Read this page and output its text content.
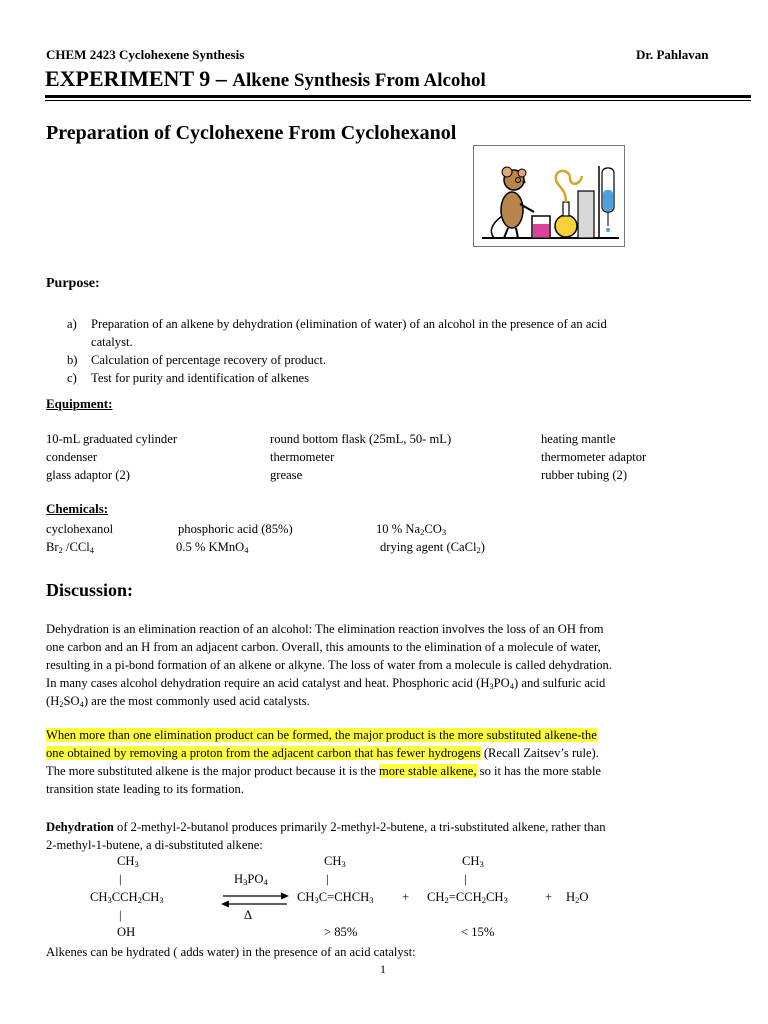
CHEM 2423 Cyclohexene Synthesis	Dr. Pahlavan
EXPERIMENT 9 – Alkene Synthesis From Alcohol
Preparation of Cyclohexene From Cyclohexanol
Purpose:
a) Preparation of an alkene by dehydration (elimination of water) of an alcohol in the presence of an acid
catalyst.
b) Calculation of percentage recovery of product.
c) Test for purity and identification of alkenes
Equipment:
10-mL graduated cylinder	round bottom flask (25mL, 50- mL)	heating mantle
condenser	thermometer	thermometer adaptor
glass adaptor (2)	grease	rubber tubing (2)
Chemicals:
cyclohexanol	phosphoric acid (85%)	10 % $Na_2CO_3$
$Br_2$ /CCl$_4$	0.5 % KMnO$_4$	drying agent (CaCl$_2$)
Discussion:
Dehydration is an elimination reaction of an alcohol: The elimination reaction involves the loss of an OH from
one carbon and an H from an adjacent carbon. Overall, this amounts to the elimination of a molecule of water,
resulting in a pi-bond formation of an alkene or alkyne. The loss of water from a molecule is called dehydration.
In many cases alcohol dehydration require an acid catalyst and heat. Phosphoric acid $(H_3PO_4)$ and sulfuric acid
$(H_2SO_4)$ are the most commonly used acid catalysts.
When more than one elimination product can be formed, the major product is the more substituted alkene-the
one obtained by removing a proton from the adjacent carbon that has fewer hydrogens (Recall Zaitsev’s rule).
The more substituted alkene is the major product because it is the more stable alkene, so it has the more stable
transition state leading to its formation.
Dehydration of 2-methyl-2-butanol produces primarily 2-methyl-2-butene, a tri-substituted alkene, rather than
2-methyl-1-butene, a di-substituted alkene:
$CH_3$
|
$CH_3CCH_2CH_3$
|
OH
$H_3PO_4$
Δ
$CH_3$
|
$CH_3C=CHCH_3$ +
> 85%
$CH_3$
|
$CH_2=CCH_2CH_3$	+ $H_2O$
< 15%
Alkenes can be hydrated ( adds water) in the presence of an acid catalyst:
1
